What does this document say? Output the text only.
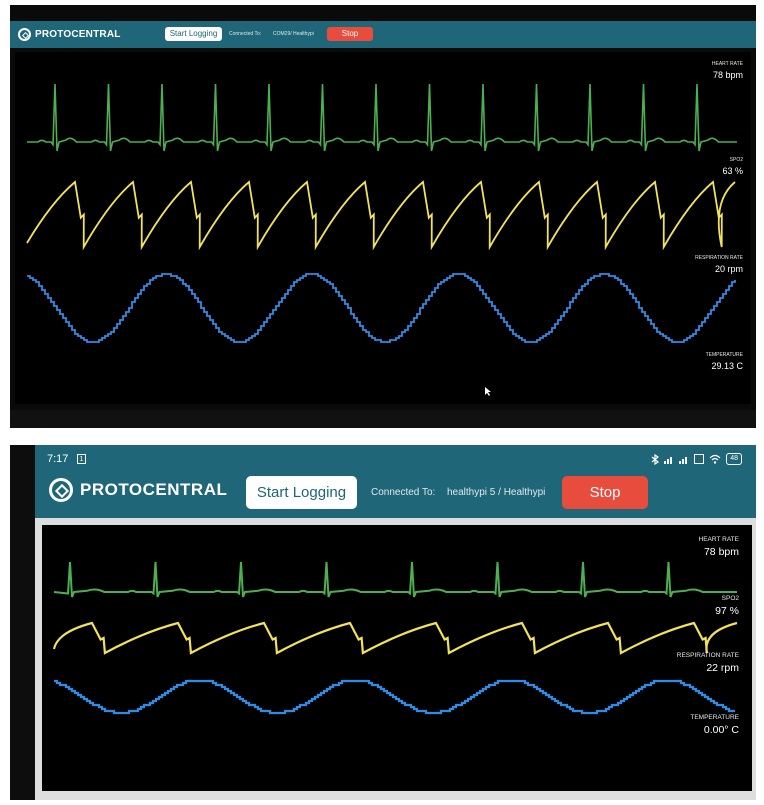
PROTOCENTRAL	Start Logging	Connected To: COM29/ Healthypi	Stop
HEART RATE
78 bpm
SPO2
63 %
RESPIRATION RATE
20 rpm
TEMPERATURE
29.13 C
7:17	1	48
PROTOCENTRAL	Start Logging	Connected To: healthypi 5 / Healthypi	Stop
HEART RATE
78 bpm
SPO2
97 %
RESPIRATION RATE
22 rpm
TEMPERATURE
0.00° C
